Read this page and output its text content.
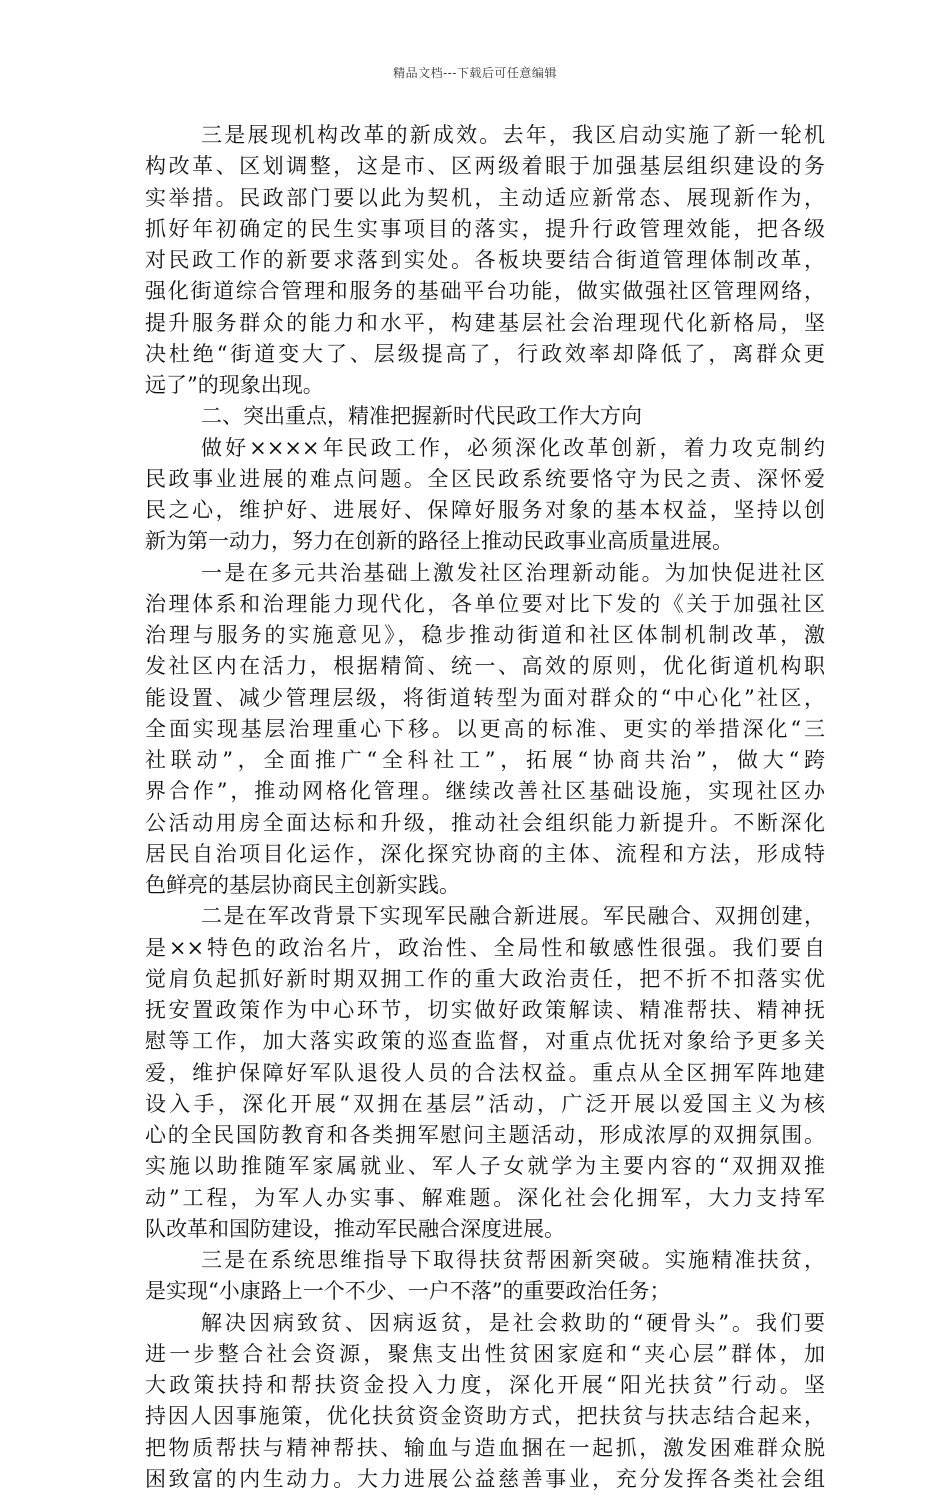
精品文档---下载后可任意编辑
三是展现机构改革的新成效。去年，我区启动实施了新一轮机
构改革、区划调整，这是市、区两级着眼于加强基层组织建设的务
实举措。民政部门要以此为契机，主动适应新常态、展现新作为，
抓好年初确定的民生实事项目的落实，提升行政管理效能，把各级
对民政工作的新要求落到实处。各板块要结合街道管理体制改革，
强化街道综合管理和服务的基础平台功能，做实做强社区管理网络，
提升服务群众的能力和水平，构建基层社会治理现代化新格局，坚
决杜绝“街道变大了、层级提高了，行政效率却降低了，离群众更
远了”的现象出现。
二、突出重点，精准把握新时代民政工作大方向
做好××××年民政工作，必须深化改革创新，着力攻克制约
民政事业进展的难点问题。全区民政系统要恪守为民之责、深怀爱
民之心，维护好、进展好、保障好服务对象的基本权益，坚持以创
新为第一动力，努力在创新的路径上推动民政事业高质量进展。
一是在多元共治基础上激发社区治理新动能。为加快促进社区
治理体系和治理能力现代化，各单位要对比下发的《关于加强社区
治理与服务的实施意见》，稳步推动街道和社区体制机制改革，激
发社区内在活力，根据精简、统一、高效的原则，优化街道机构职
能设置、减少管理层级，将街道转型为面对群众的“中心化”社区，
全面实现基层治理重心下移。以更高的标准、更实的举措深化“三
社联动”，全面推广“全科社工”，拓展“协商共治”，做大“跨
界合作”，推动网格化管理。继续改善社区基础设施，实现社区办
公活动用房全面达标和升级，推动社会组织能力新提升。不断深化
居民自治项目化运作，深化探究协商的主体、流程和方法，形成特
色鲜亮的基层协商民主创新实践。
二是在军改背景下实现军民融合新进展。军民融合、双拥创建，
是××特色的政治名片，政治性、全局性和敏感性很强。我们要自
觉肩负起抓好新时期双拥工作的重大政治责任，把不折不扣落实优
抚安置政策作为中心环节，切实做好政策解读、精准帮扶、精神抚
慰等工作，加大落实政策的巡查监督，对重点优抚对象给予更多关
爱，维护保障好军队退役人员的合法权益。重点从全区拥军阵地建
设入手，深化开展“双拥在基层”活动，广泛开展以爱国主义为核
心的全民国防教育和各类拥军慰问主题活动，形成浓厚的双拥氛围。
实施以助推随军家属就业、军人子女就学为主要内容的“双拥双推
动”工程，为军人办实事、解难题。深化社会化拥军，大力支持军
队改革和国防建设，推动军民融合深度进展。
三是在系统思维指导下取得扶贫帮困新突破。实施精准扶贫，
是实现“小康路上一个不少、一户不落”的重要政治任务；
解决因病致贫、因病返贫，是社会救助的“硬骨头”。我们要
进一步整合社会资源，聚焦支出性贫困家庭和“夹心层”群体，加
大政策扶持和帮扶资金投入力度，深化开展“阳光扶贫”行动。坚
持因人因事施策，优化扶贫资金资助方式，把扶贫与扶志结合起来，
把物质帮扶与精神帮扶、输血与造血捆在一起抓，激发困难群众脱
困致富的内生动力。大力进展公益慈善事业，充分发挥各类社会组
